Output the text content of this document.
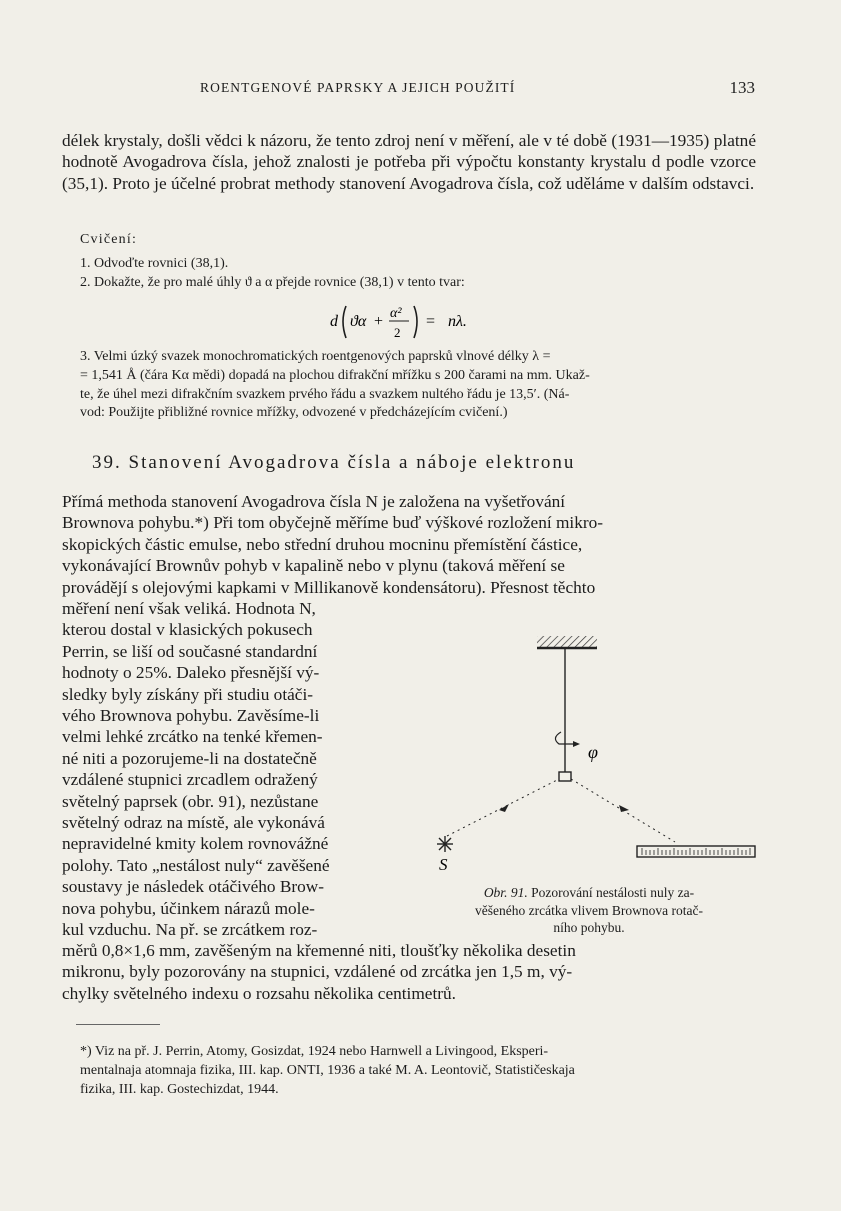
ROENTGENOVÉ PAPRSKY A JEJICH POUŽITÍ	133
délek krystaly, došli vědci k názoru, že tento zdroj není v měření, ale v té době (1931—1935) platné hodnotě Avogadrova čísla, jehož znalosti je potřeba při výpočtu konstanty krystalu d podle vzorce (35,1). Proto je účelné probrat methody stanovení Avogadrova čísla, což uděláme v dalším odstavci.
Cvičení:
1. Odvoďte rovnici (38,1).
2. Dokažte, že pro malé úhly ϑ a α přejde rovnice (38,1) v tento tvar:
d ϑα + α²
2
= nλ.
3. Velmi úzký svazek monochromatických roentgenových paprsků vlnové délky λ =
= 1,541 Å (čára Kα mědi) dopadá na plochou difrakční mřížku s 200 čarami na mm. Ukaž-
te, že úhel mezi difrakčním svazkem prvého řádu a svazkem nultého řádu je 13,5′. (Ná-
vod: Použijte přibližné rovnice mřížky, odvozené v předcházejícím cvičení.)
39. Stanovení Avogadrova čísla a náboje elektronu
Přímá methoda stanovení Avogadrova čísla N je založena na vyšetřování
Brownova pohybu.*) Při tom obyčejně měříme buď výškové rozložení mikro-
skopických částic emulse, nebo střední druhou mocninu přemístění částice,
vykonávající Brownův pohyb v kapalině nebo v plynu (taková měření se
provádějí s olejovými kapkami v Millikanově kondensátoru). Přesnost těchto
měření není však veliká. Hodnota N,
kterou dostal v klasických pokusech
Perrin, se liší od současné standardní
hodnoty o 25%. Daleko přesnější vý-
sledky byly získány při studiu otáči-
vého Brownova pohybu. Zavěsíme-li
velmi lehké zrcátko na tenké křemen-
né niti a pozorujeme-li na dostatečně
vzdálené stupnici zrcadlem odražený
světelný paprsek (obr. 91), nezůstane
světelný odraz na místě, ale vykonává
nepravidelné kmity kolem rovnovážné
polohy. Tato „nestálost nuly“ zavěšené
soustavy je následek otáčivého Brow-
nova pohybu, účinkem nárazů mole-
kul vzduchu. Na př. se zrcátkem roz-
měrů 0,8×1,6 mm, zavěšeným na křemenné niti, tloušťky několika desetin
mikronu, byly pozorovány na stupnici, vzdálené od zrcátka jen 1,5 m, vý-
chylky světelného indexu o rozsahu několika centimetrů.
φ
S
Obr. 91. Pozorování nestálosti nuly za-
věšeného zrcátka vlivem Brownova rotač-
ního pohybu.
*) Viz na př. J. Perrin, Atomy, Gosizdat, 1924 nebo Harnwell a Livingood, Eksperi-
mentalnaja atomnaja fizika, III. kap. ONTI, 1936 a také M. A. Leontovič, Statističeskaja
fizika, III. kap. Gostechizdat, 1944.
